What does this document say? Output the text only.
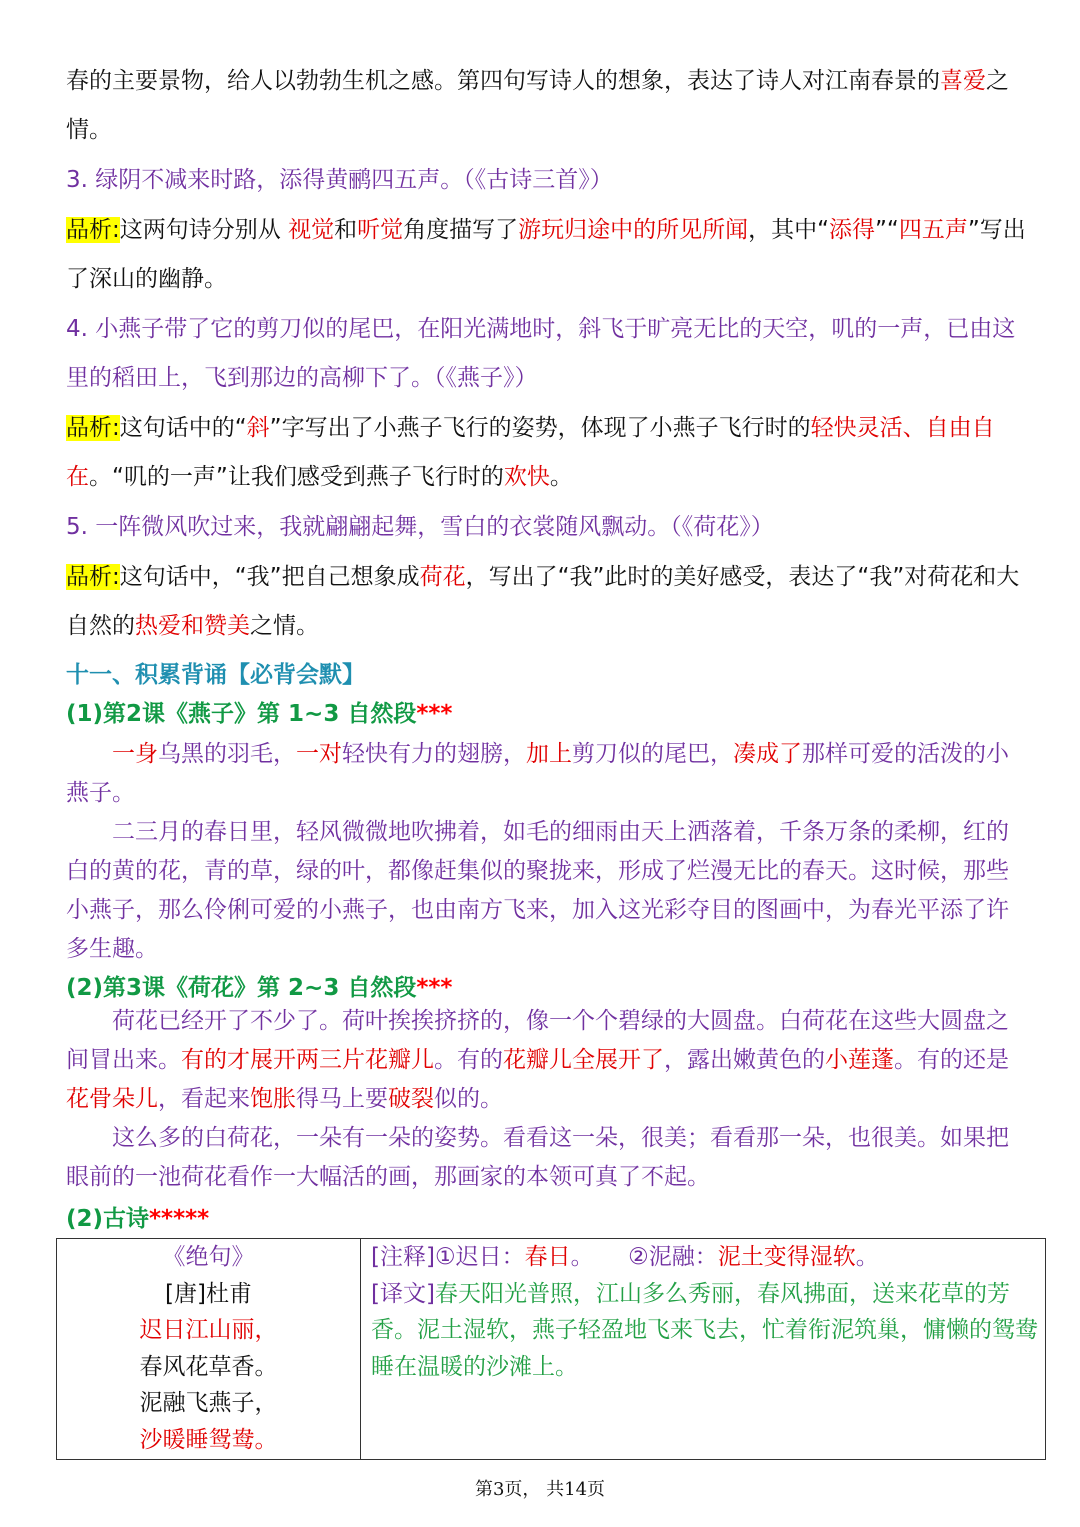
春的主要景物，给人以勃勃生机之感。第四句写诗人的想象，表达了诗人对江南春景的喜爱之情。

3. 绿阴不减来时路，添得黄鹂四五声。（《古诗三首》）

品析:这两句诗分别从 视觉和听觉角度描写了游玩归途中的所见所闻，其中“添得”“四五声”写出了深山的幽静。

4. 小燕子带了它的剪刀似的尾巴，在阳光满地时，斜飞于旷亮无比的天空，叽的一声，已由这里的稻田上，飞到那边的高柳下了。（《燕子》）

品析:这句话中的“斜”字写出了小燕子飞行的姿势，体现了小燕子飞行时的轻快灵活、自由自在。“叽的一声”让我们感受到燕子飞行时的欢快。

5. 一阵微风吹过来，我就翩翩起舞，雪白的衣裳随风飘动。（《荷花》）

品析:这句话中，“我”把自己想象成荷花，写出了“我”此时的美好感受，表达了“我”对荷花和大自然的热爱和赞美之情。

十一、积累背诵【必背会默】

(1)第2课《燕子》第 1~3 自然段***

一身乌黑的羽毛，一对轻快有力的翅膀，加上剪刀似的尾巴，凑成了那样可爱的活泼的小燕子。

二三月的春日里，轻风微微地吹拂着，如毛的细雨由天上洒落着，千条万条的柔柳，红的白的黄的花，青的草，绿的叶，都像赶集似的聚拢来，形成了烂漫无比的春天。这时候，那些小燕子，那么伶俐可爱的小燕子，也由南方飞来，加入这光彩夺目的图画中，为春光平添了许多生趣。

(2)第3课《荷花》第 2~3 自然段***

荷花已经开了不少了。荷叶挨挨挤挤的，像一个个碧绿的大圆盘。白荷花在这些大圆盘之间冒出来。有的才展开两三片花瓣儿。有的花瓣儿全展开了，露出嫩黄色的小莲蓬。有的还是花骨朵儿，看起来饱胀得马上要破裂似的。

这么多的白荷花，一朵有一朵的姿势。看看这一朵，很美；看看那一朵，也很美。如果把眼前的一池荷花看作一大幅活的画，那画家的本领可真了不起。

(2)古诗*****

《绝句》
[唐]杜甫
迟日江山丽，
春风花草香。
泥融飞燕子，
沙暖睡鸳鸯。

[注释]①迟日：春日。　　②泥融：泥土变得湿软。
[译文]春天阳光普照，江山多么秀丽，春风拂面，送来花草的芳香。泥土湿软，燕子轻盈地飞来飞去，忙着衔泥筑巢，慵懒的鸳鸯睡在温暖的沙滩上。
第3页， 共14页
